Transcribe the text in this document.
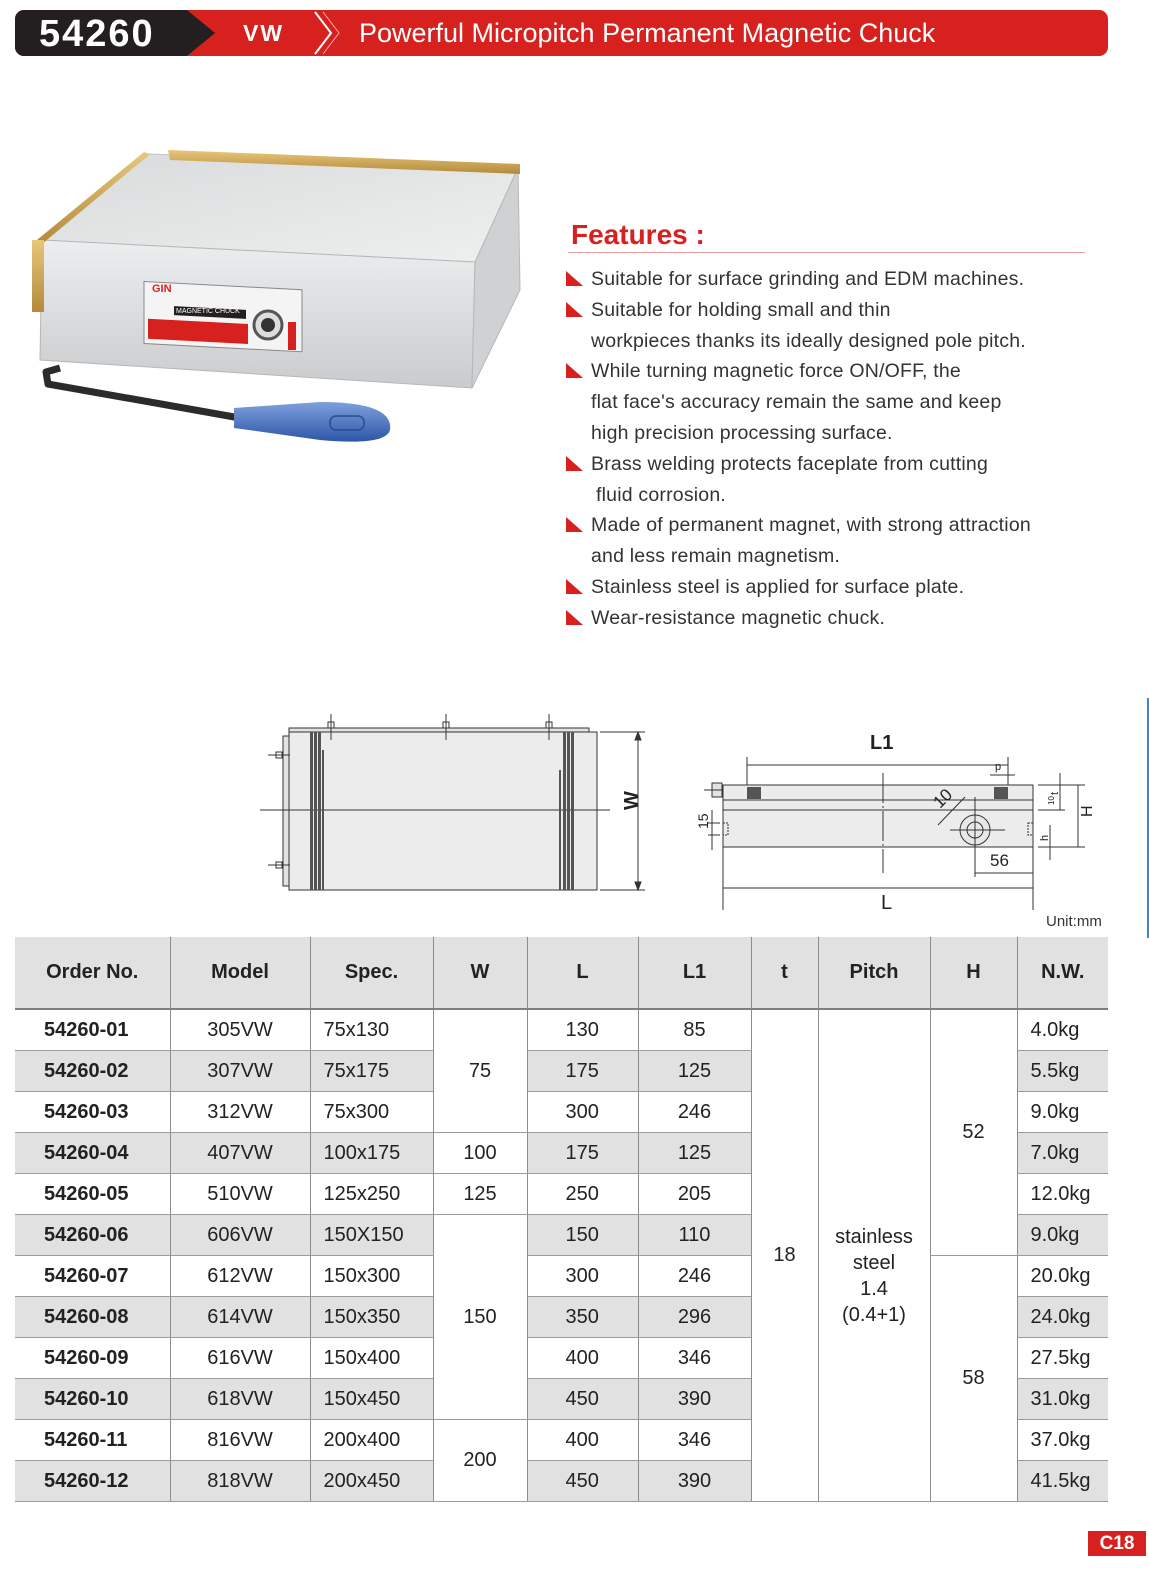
54260	VW	Powerful Micropitch Permanent Magnetic Chuck
GIN
MAGNETIC CHUCK
Features :
Suitable for surface grinding and EDM machines.
Suitable for holding small and thin
workpieces thanks its ideally designed pole pitch.
While turning magnetic force ON/OFF, the
flat face's accuracy remain the same and keep
high precision processing surface.
Brass welding protects faceplate from cutting
fluid corrosion.
Made of permanent magnet, with strong attraction
and less remain magnetism.
Stainless steel is applied for surface plate.
Wear-resistance magnetic chuck.
W
L1
L
p
56
10
15
H
t
10
h
Unit:mm
Order No.	Model	Spec.	W	L	L1	t	Pitch	H	N.W.
54260-01	305VW	75x130	75	130	85	18	stainless
steel
1.4
(0.4+1)	52	4.0kg
54260-02	307VW	75x175		175	125				5.5kg
54260-03	312VW	75x300		300	246				9.0kg
54260-04	407VW	100x175	100	175	125				7.0kg
54260-05	510VW	125x250	125	250	205				12.0kg
54260-06	606VW	150X150	150	150	110				9.0kg
54260-07	612VW	150x300		300	246			58	20.0kg
54260-08	614VW	150x350		350	296				24.0kg
54260-09	616VW	150x400		400	346				27.5kg
54260-10	618VW	150x450		450	390				31.0kg
54260-11	816VW	200x400	200	400	346				37.0kg
54260-12	818VW	200x450		450	390				41.5kg
C18
